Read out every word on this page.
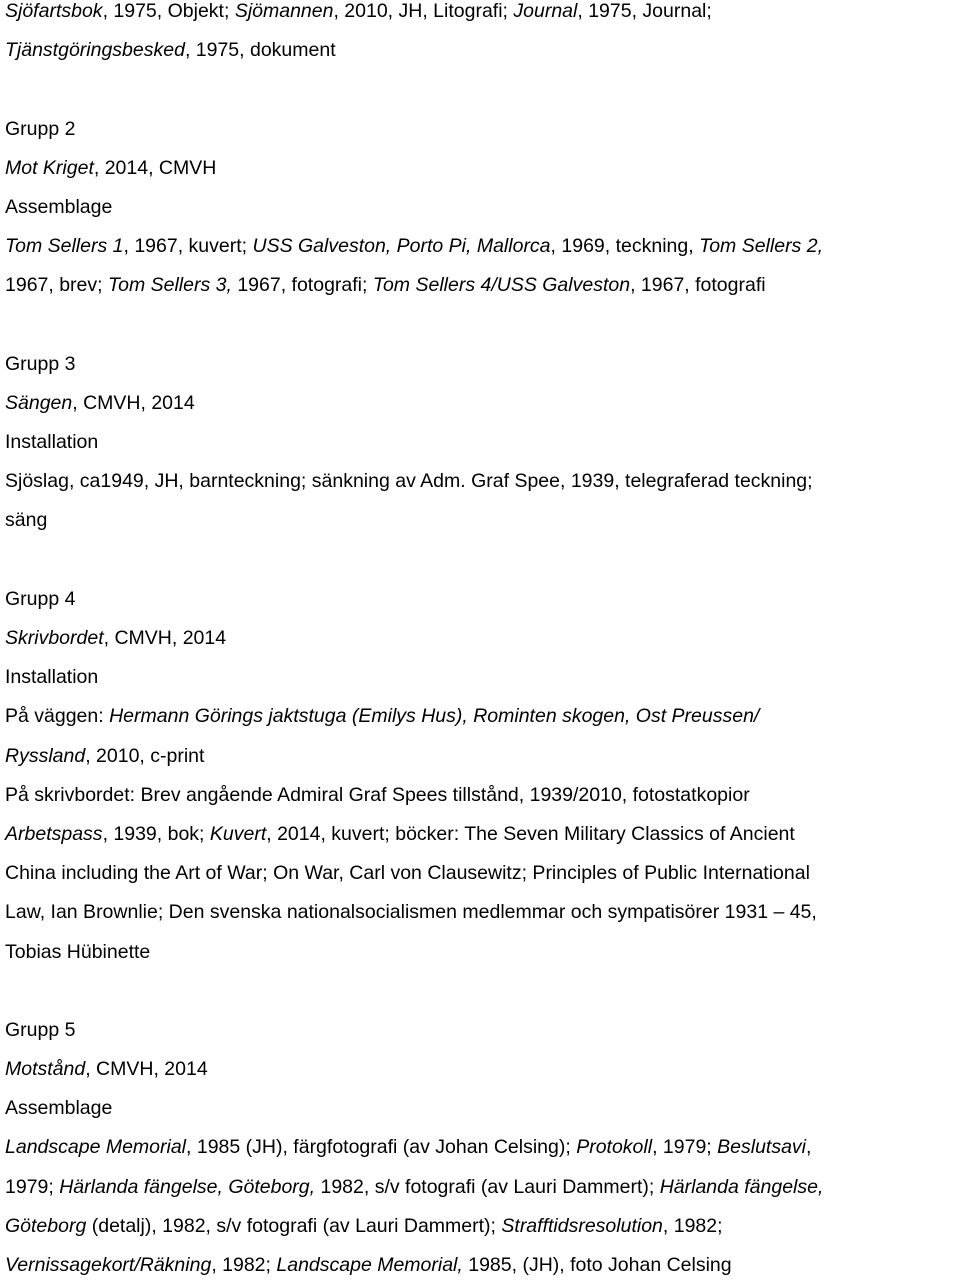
Sjöfartsbok, 1975, Objekt; Sjömannen, 2010, JH, Litografi; Journal, 1975, Journal;
Tjänstgöringsbesked, 1975, dokument
Grupp 2
Mot Kriget, 2014, CMVH
Assemblage
Tom Sellers 1, 1967, kuvert; USS Galveston, Porto Pi, Mallorca, 1969, teckning, Tom Sellers 2,
1967, brev; Tom Sellers 3, 1967, fotografi; Tom Sellers 4/USS Galveston, 1967, fotografi
Grupp 3
Sängen, CMVH, 2014
Installation
Sjöslag, ca1949, JH, barnteckning; sänkning av Adm. Graf Spee, 1939, telegraferad teckning;
säng
Grupp 4
Skrivbordet, CMVH, 2014
Installation
På väggen: Hermann Görings jaktstuga (Emilys Hus), Rominten skogen, Ost Preussen/
Ryssland, 2010, c-print
På skrivbordet: Brev angående Admiral Graf Spees tillstånd, 1939/2010, fotostatkopior
Arbetspass, 1939, bok; Kuvert, 2014, kuvert; böcker: The Seven Military Classics of Ancient
China including the Art of War; On War, Carl von Clausewitz; Principles of Public International
Law, Ian Brownlie; Den svenska nationalsocialismen medlemmar och sympatisörer 1931 – 45,
Tobias Hübinette
Grupp 5
Motstånd, CMVH, 2014
Assemblage
Landscape Memorial, 1985 (JH), färgfotografi (av Johan Celsing); Protokoll, 1979; Beslutsavi,
1979; Härlanda fängelse, Göteborg, 1982, s/v fotografi (av Lauri Dammert); Härlanda fängelse,
Göteborg (detalj), 1982, s/v fotografi (av Lauri Dammert); Strafftidsresolution, 1982;
Vernissagekort/Räkning, 1982; Landscape Memorial, 1985, (JH), foto Johan Celsing
